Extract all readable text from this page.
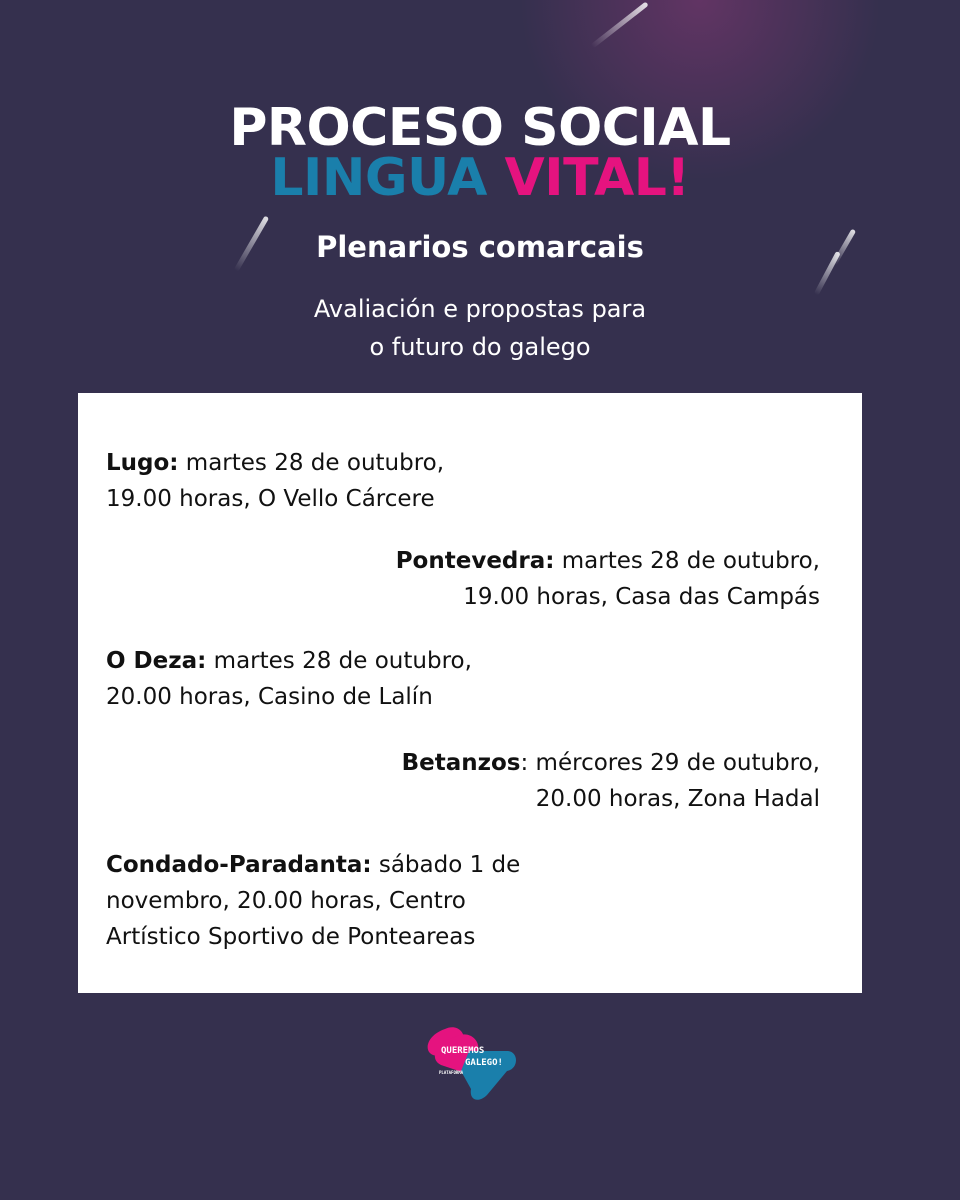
PROCESO SOCIAL
LINGUA VITAL!
Plenarios comarcais
Avaliación e propostas para
o futuro do galego
Lugo: martes 28 de outubro,
19.00 horas, O Vello Cárcere
Pontevedra: martes 28 de outubro,
19.00 horas, Casa das Campás
O Deza: martes 28 de outubro,
20.00 horas, Casino de Lalín
Betanzos: mércores 29 de outubro,
20.00 horas, Zona Hadal
Condado-Paradanta: sábado 1 de
novembro, 20.00 horas, Centro
Artístico Sportivo de Ponteareas
QUEREMOS
GALEGO!
PLATAFORMA
